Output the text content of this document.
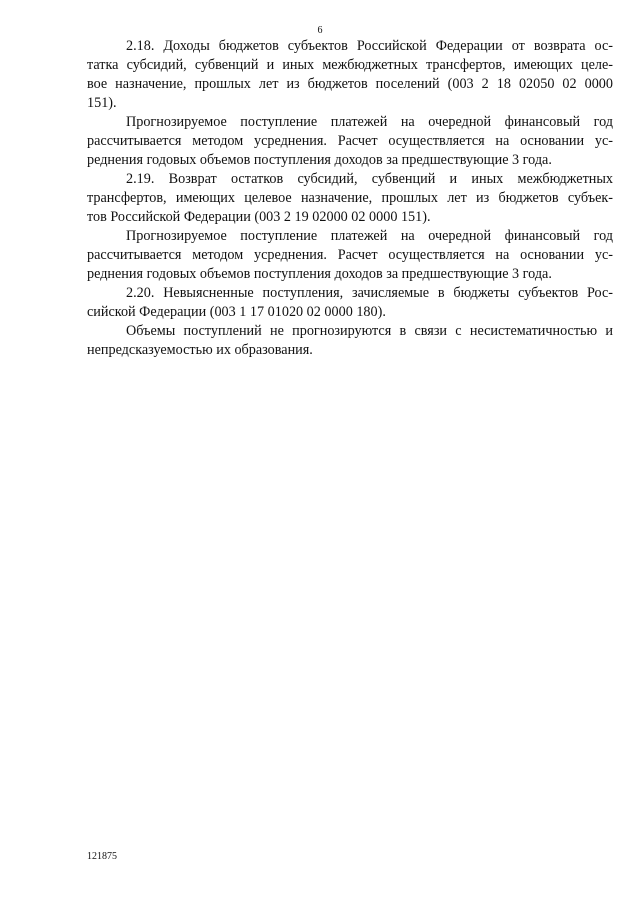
6

2.18. Доходы бюджетов субъектов Российской Федерации от возврата ос-
татка субсидий, субвенций и иных межбюджетных трансфертов, имеющих целе-
вое назначение, прошлых лет из бюджетов поселений (003 2 18 02050 02 0000
151).

Прогнозируемое поступление платежей на очередной финансовый год
рассчитывается методом усреднения. Расчет осуществляется на основании ус-
реднения годовых объемов поступления доходов за предшествующие 3 года.

2.19. Возврат остатков субсидий, субвенций и иных межбюджетных
трансфертов, имеющих целевое назначение, прошлых лет из бюджетов субъек-
тов Российской Федерации (003 2 19 02000 02 0000 151).

Прогнозируемое поступление платежей на очередной финансовый год
рассчитывается методом усреднения. Расчет осуществляется на основании ус-
реднения годовых объемов поступления доходов за предшествующие 3 года.

2.20. Невыясненные поступления, зачисляемые в бюджеты субъектов Рос-
сийской Федерации (003 1 17 01020 02 0000 180).

Объемы поступлений не прогнозируются в связи с несистематичностью и
непредсказуемостью их образования.

121875
